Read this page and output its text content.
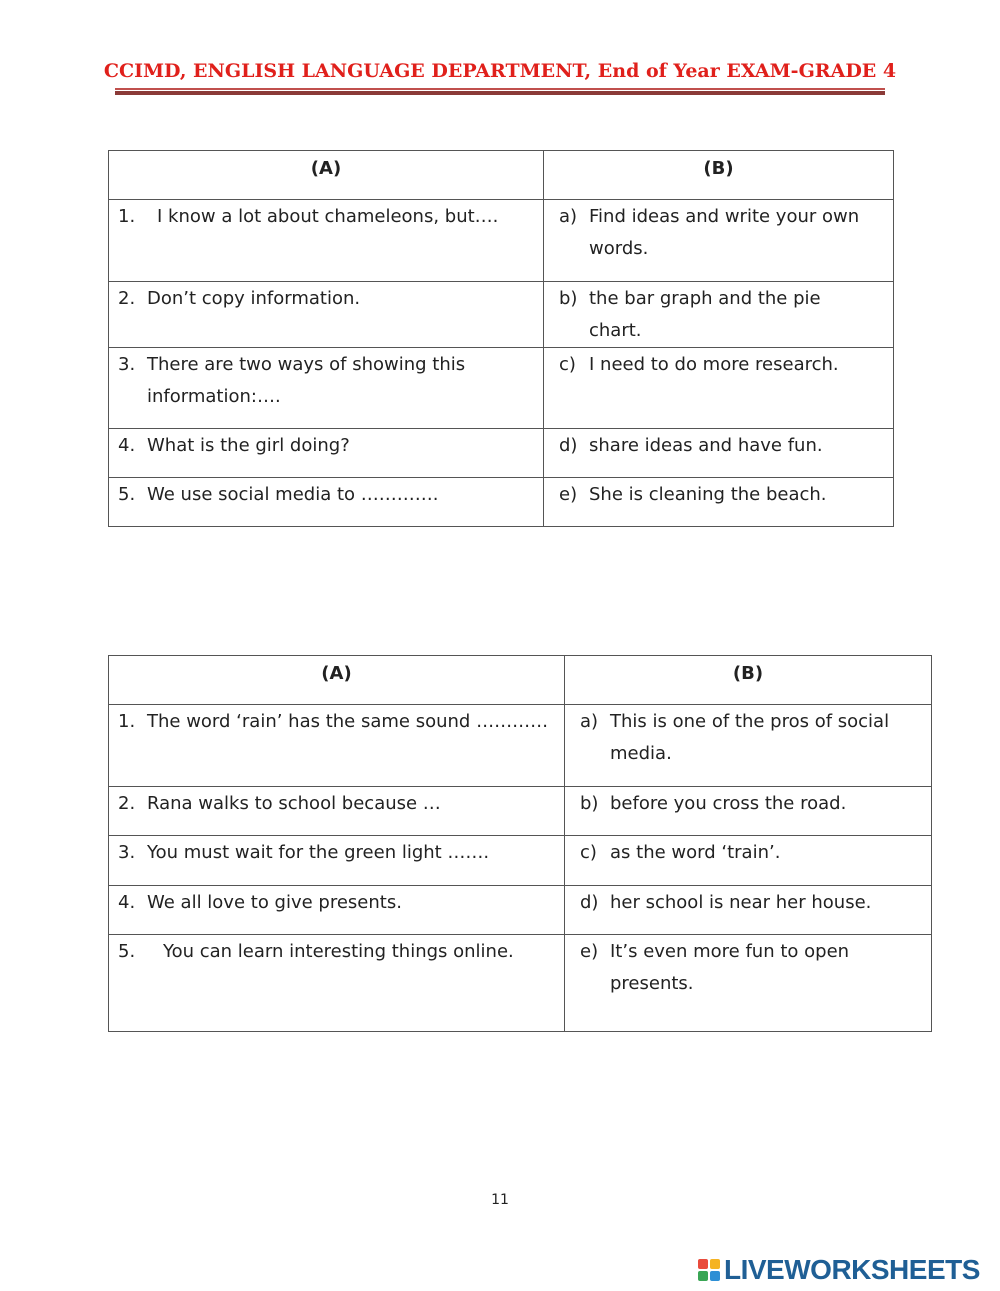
CCIMD, ENGLISH LANGUAGE DEPARTMENT, End of Year EXAM-GRADE 4
(A)	(B)

1. I know a lot about chameleons, but….	a) Find ideas and write your own words.

2. Don’t copy information.	b) the bar graph and the pie chart.

3. There are two ways of showing this information:….	c) I need to do more research.

4. What is the girl doing?	d) share ideas and have fun.

5. We use social media to ………….	e) She is cleaning the beach.
(A)	(B)

1. The word ‘rain’ has the same sound …………	a) This is one of the pros of social media.

2. Rana walks to school because …	b) before you cross the road.

3. You must wait for the green light …….	c) as the word ‘train’.

4. We all love to give presents.	d) her school is near her house.

5. You can learn interesting things online.	e) It’s even more fun to open presents.
11
LIVEWORKSHEETS
